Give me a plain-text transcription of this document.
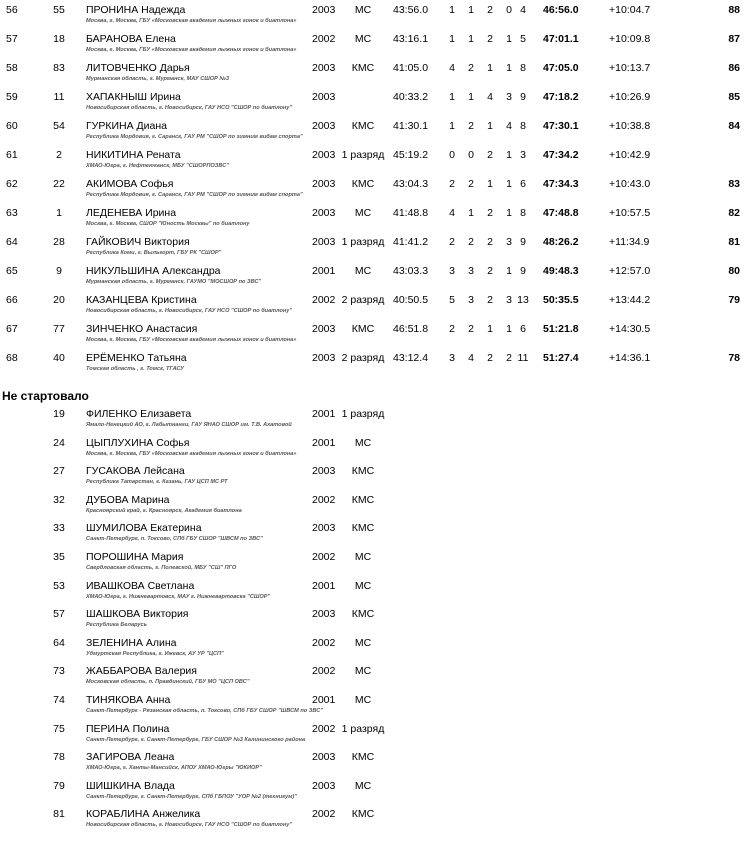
56	55	ПРОНИНА Надежда
Москва, г. Москва, ГБУ «Московская академия лыжных гонок и биатлона»
2003	МС	43:56.0 1 1 2 0 4	46:56.0	+10:04.7	88
57	18	БАРАНОВА Елена
Москва, г. Москва, ГБУ «Московская академия лыжных гонок и биатлона»
2002	МС	43:16.1 1 1 2 1 5	47:01.1	+10:09.8	87
58	83	ЛИТОВЧЕНКО Дарья
Мурманская область, г. Мурманск, МАУ СШОР №3
2003	КМС	41:05.0 4 2 1 1 8	47:05.0	+10:13.7	86
59	11	ХАПАКНЫШ Ирина
Новосибирская область, г. Новосибирск, ГАУ НСО "СШОР по биатлону"
2003	40:33.2 1 1 4 3 9	47:18.2	+10:26.9	85
60	54	ГУРКИНА Диана
Республика Мордовия, г. Саранск, ГАУ РМ "СШОР по зимним видам спорта"
2003	КМС	41:30.1 1 2 1 4 8	47:30.1	+10:38.8	84
61	2	НИКИТИНА Рената
ХМАО-Югра, г. Нефтеюганск, МБУ "СШОРПОЗВС"
2003 1 разряд 45:19.2 0 0 2 1 3	47:34.2	+10:42.9
62	22	АКИМОВА Софья
Республика Мордовия, г. Саранск, ГАУ РМ "СШОР по зимним видам спорта"
2003	КМС	43:04.3 2 2 1 1 6	47:34.3	+10:43.0	83
63	1	ЛЕДЕНЕВА Ирина
Москва, г. Москва, СШОР "Юность Москвы" по биатлону
2003	МС	41:48.8 4 1 2 1 8	47:48.8	+10:57.5	82
64	28	ГАЙКОВИЧ Виктория
Республика Коми, г. Выльгорт, ГБУ РК "СШОР"
2003 1 разряд 41:41.2 2 2 2 3 9	48:26.2	+11:34.9	81
65	9	НИКУЛЬШИНА Александра
Мурманская область, г. Мурманск, ГАУМО "МОСШОР по ЗВС"
2001	МС	43:03.3 3 3 2 1 9	49:48.3	+12:57.0	80
66	20	КАЗАНЦЕВА Кристина
Новосибирская область, г. Новосибирск, ГАУ НСО "СШОР по биатлону"
2002 2 разряд 40:50.5 5 3 2 3 13 50:35.5	+13:44.2	79
67	77	ЗИНЧЕНКО Анастасия
Москва, г. Москва, ГБУ «Московская академия лыжных гонок и биатлона»
2003	КМС	46:51.8 2 2 1 1 6	51:21.8	+14:30.5
68	40	ЕРЁМЕНКО Татьяна
Томская область , г. Томск, ТГАСУ
2003 2 разряд 43:12.4 3 4 2 2 11 51:27.4	+14:36.1	78
Не стартовало
19	ФИЛЕНКО Елизавета
Ямало-Ненецкий АО, г. Лабытнанги, ГАУ ЯНАО СШОР им. Т.В. Ахатовой
2001 1 разряд
24	ЦЫПЛУХИНА Софья
Москва, г. Москва, ГБУ «Московская академия лыжных гонок и биатлона»
2001	МС
27	ГУСАКОВА Лейсана
Республика Татарстан, г. Казань, ГАУ ЦСП МС РТ
2003	КМС
32	ДУБОВА Марина
Красноярский край, г. Красноярск, Академия биатлона
2002	КМС
33	ШУМИЛОВА Екатерина
Санкт-Петербург, п. Токсово, СПб ГБУ СШОР "ШВСМ по ЗВС"
2003	КМС
35	ПОРОШИНА Мария
Свердловская область, г. Полевской, МБУ "СШ" ПГО
2002	МС
53	ИВАШКОВА Светлана
ХМАО-Югра, г. Нижневартовск, МАУ г. Нижневартовска "СШОР"
2001	МС
57	ШАШКОВА Виктория
Республика Беларусь
2003	КМС
64	ЗЕЛЕНИНА Алина
Удмуртская Республика, г. Ижевск, АУ УР "ЦСП"
2002	МС
73	ЖАББАРОВА Валерия
Московская область, п. Правдинский, ГБУ МО "ЦСП ОВС"
2002	МС
74	ТИНЯКОВА Анна
Санкт-Петербург - Рязанская область, п. Токсово, СПб ГБУ СШОР "ШВСМ по ЗВС"
2001	МС
75	ПЕРИНА Полина
Санкт-Петербург, г. Санкт-Петербург, ГБУ СШОР №3 Калининского района
2002 1 разряд
78	ЗАГИРОВА Леана
ХМАО-Югра, г. Ханты-Мансийск, АПОУ ХМАО-Югры "ЮКИОР"
2003	КМС
79	ШИШКИНА Влада
Санкт-Петербург, г. Санкт-Петербург, СПб ГБПОУ "УОР №2 (техникум)"
2003	МС
81	КОРАБЛИНА Анжелика
Новосибирская область, г. Новосибирск, ГАУ НСО "СШОР по биатлону"
2002	КМС
